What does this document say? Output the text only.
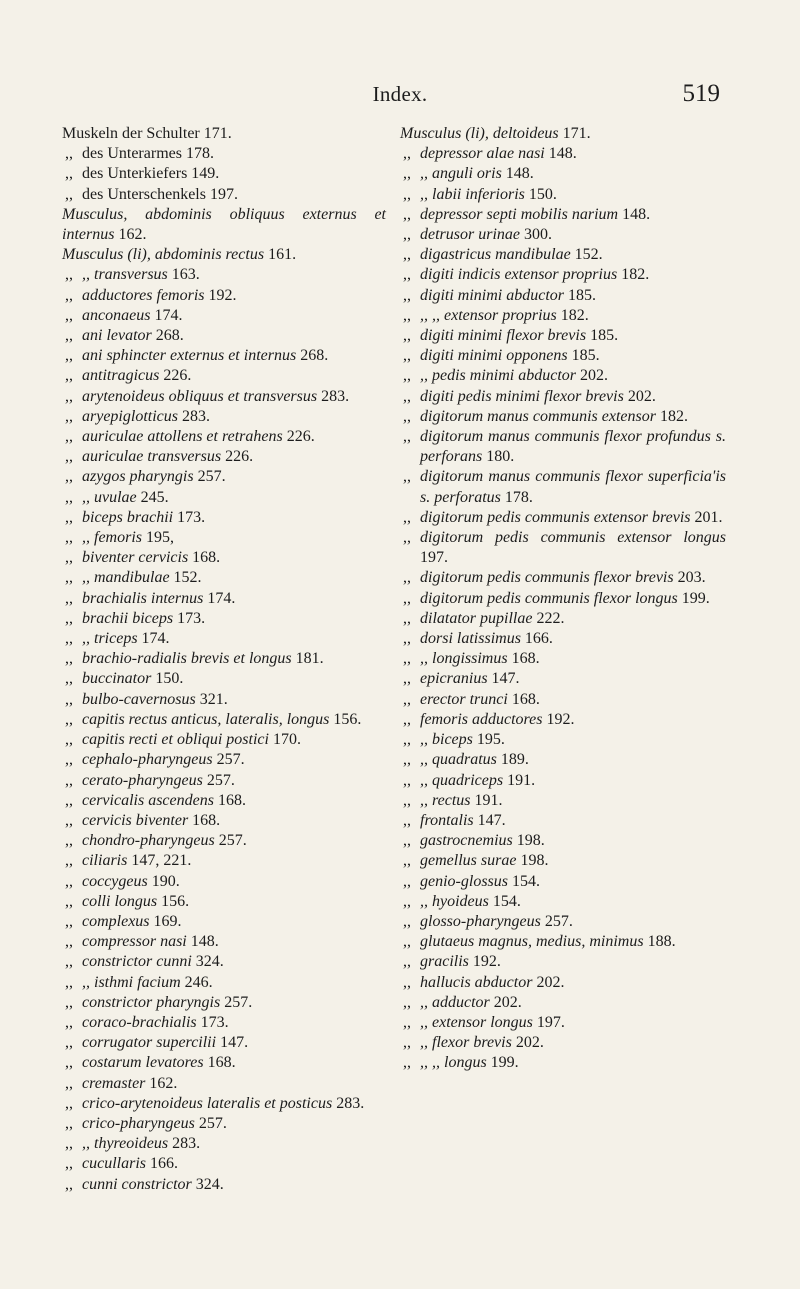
Index.	519
Muskeln der Schulter 171.
,, des Unterarmes 178.
,, des Unterkiefers 149.
,, des Unterschenkels 197.
Musculus, abdominis obliquus externus et internus 162.
Musculus (li), abdominis rectus 161.
,, ,, transversus 163.
,, adductores femoris 192.
,, anconaeus 174.
,, ani levator 268.
,, ani sphincter externus et internus 268.
,, antitragicus 226.
,, arytenoideus obliquus et transversus 283.
,, aryepiglotticus 283.
,, auriculae attollens et retrahens 226.
,, auriculae transversus 226.
,, azygos pharyngis 257.
,, ,, uvulae 245.
,, biceps brachii 173.
,, ,, femoris 195,
,, biventer cervicis 168.
,, ,, mandibulae 152.
,, brachialis internus 174.
,, brachii biceps 173.
,, ,, triceps 174.
,, brachio-radialis brevis et longus 181.
,, buccinator 150.
,, bulbo-cavernosus 321.
,, capitis rectus anticus, lateralis, longus 156.
,, capitis recti et obliqui postici 170.
,, cephalo-pharyngeus 257.
,, cerato-pharyngeus 257.
,, cervicalis ascendens 168.
,, cervicis biventer 168.
,, chondro-pharyngeus 257.
,, ciliaris 147, 221.
,, coccygeus 190.
,, colli longus 156.
,, complexus 169.
,, compressor nasi 148.
,, constrictor cunni 324.
,, ,, isthmi facium 246.
,, constrictor pharyngis 257.
,, coraco-brachialis 173.
,, corrugator supercilii 147.
,, costarum levatores 168.
,, cremaster 162.
,, crico-arytenoideus lateralis et posticus 283.
,, crico-pharyngeus 257.
,, ,, thyreoideus 283.
,, cucullaris 166.
,, cunni constrictor 324.
Musculus (li), deltoideus 171.
,, depressor alae nasi 148.
,, ,, anguli oris 148.
,, ,, labii inferioris 150.
,, depressor septi mobilis narium 148.
,, detrusor urinae 300.
,, digastricus mandibulae 152.
,, digiti indicis extensor proprius 182.
,, digiti minimi abductor 185.
,, ,, ,, extensor proprius 182.
,, digiti minimi flexor brevis 185.
,, digiti minimi opponens 185.
,, ,, pedis minimi abductor 202.
,, digiti pedis minimi flexor brevis 202.
,, digitorum manus communis extensor 182.
,, digitorum manus communis flexor profundus s. perforans 180.
,, digitorum manus communis flexor superficia'is s. perforatus 178.
,, digitorum pedis communis extensor brevis 201.
,, digitorum pedis communis extensor longus 197.
,, digitorum pedis communis flexor brevis 203.
,, digitorum pedis communis flexor longus 199.
,, dilatator pupillae 222.
,, dorsi latissimus 166.
,, ,, longissimus 168.
,, epicranius 147.
,, erector trunci 168.
,, femoris adductores 192.
,, ,, biceps 195.
,, ,, quadratus 189.
,, ,, quadriceps 191.
,, ,, rectus 191.
,, frontalis 147.
,, gastrocnemius 198.
,, gemellus surae 198.
,, genio-glossus 154.
,, ,, hyoideus 154.
,, glosso-pharyngeus 257.
,, glutaeus magnus, medius, minimus 188.
,, gracilis 192.
,, hallucis abductor 202.
,, ,, adductor 202.
,, ,, extensor longus 197.
,, ,, flexor brevis 202.
,, ,, ,, longus 199.
